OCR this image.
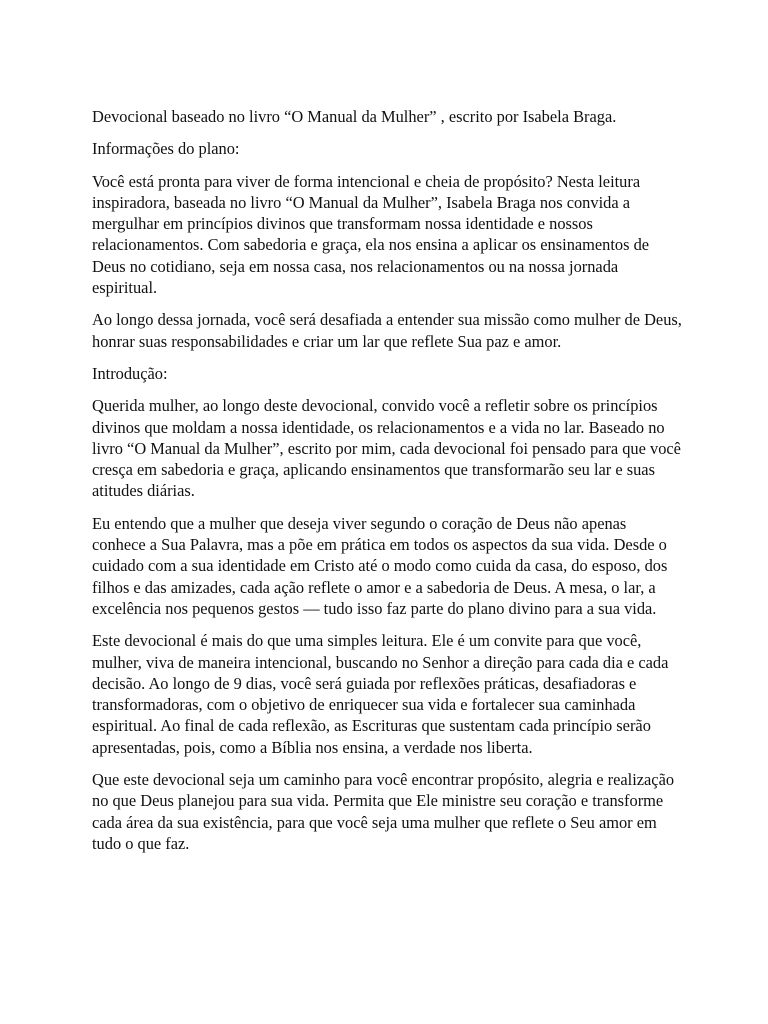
Devocional baseado no livro “O Manual da Mulher” , escrito por Isabela Braga.

Informações do plano:

Você está pronta para viver de forma intencional e cheia de propósito? Nesta leitura inspiradora, baseada no livro “O Manual da Mulher”, Isabela Braga nos convida a mergulhar em princípios divinos que transformam nossa identidade e nossos relacionamentos. Com sabedoria e graça, ela nos ensina a aplicar os ensinamentos de Deus no cotidiano, seja em nossa casa, nos relacionamentos ou na nossa jornada espiritual.

Ao longo dessa jornada, você será desafiada a entender sua missão como mulher de Deus, honrar suas responsabilidades e criar um lar que reflete Sua paz e amor.

Introdução:

Querida mulher, ao longo deste devocional, convido você a refletir sobre os princípios divinos que moldam a nossa identidade, os relacionamentos e a vida no lar. Baseado no livro “O Manual da Mulher”, escrito por mim, cada devocional foi pensado para que você cresça em sabedoria e graça, aplicando ensinamentos que transformarão seu lar e suas atitudes diárias.

Eu entendo que a mulher que deseja viver segundo o coração de Deus não apenas conhece a Sua Palavra, mas a põe em prática em todos os aspectos da sua vida. Desde o cuidado com a sua identidade em Cristo até o modo como cuida da casa, do esposo, dos filhos e das amizades, cada ação reflete o amor e a sabedoria de Deus. A mesa, o lar, a excelência nos pequenos gestos — tudo isso faz parte do plano divino para a sua vida.

Este devocional é mais do que uma simples leitura. Ele é um convite para que você, mulher, viva de maneira intencional, buscando no Senhor a direção para cada dia e cada decisão. Ao longo de 9 dias, você será guiada por reflexões práticas, desafiadoras e transformadoras, com o objetivo de enriquecer sua vida e fortalecer sua caminhada espiritual. Ao final de cada reflexão, as Escrituras que sustentam cada princípio serão apresentadas, pois, como a Bíblia nos ensina, a verdade nos liberta.

Que este devocional seja um caminho para você encontrar propósito, alegria e realização no que Deus planejou para sua vida. Permita que Ele ministre seu coração e transforme cada área da sua existência, para que você seja uma mulher que reflete o Seu amor em tudo o que faz.
